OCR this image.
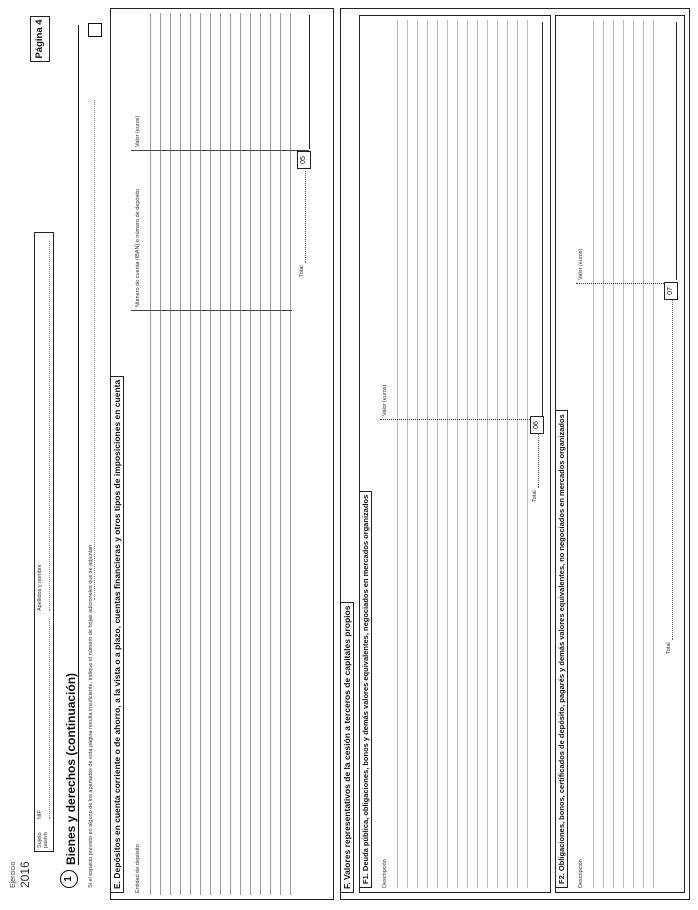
Ejercicio 2016
Sujeto pasivo
NIF
Apellidos y nombre
Página 4
1
Bienes y derechos (continuación) Si el espacio previsto en alguno de los apartados de esta página resulta insuficiente, indique el número de hojas adicionales que se adjuntan E. Depósitos en cuenta corriente o de ahorro, a la vista o a plazo, cuentas financieras y otros tipos de imposiciones en cuenta	Entidad de depósito
Número de cuenta (IBAN) o número de depósito
Valor (euros)
Total
05
F. Valores representativos de la cesión a terceros de capitales propios F1. Deuda pública, obligaciones, bonos y demás valores equivalentes, negociados en mercados organizados	Descripción
Valor (euros)
Total
06	F2. Obligaciones, bonos, certificados de depósito, pagarés y demás valores equivalentes, no negociados en mercados organizados	Descripción
Valor (euros)
Total
07
